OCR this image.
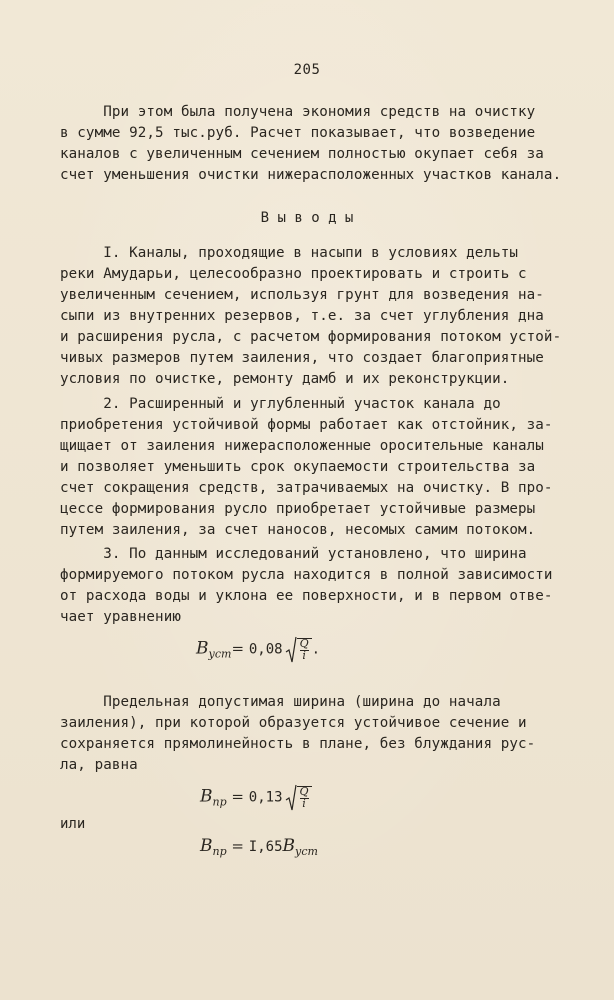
205
При этом была получена экономия средств на очистку
в сумме 92,5 тыс.руб. Расчет показывает, что возведение
каналов с увеличенным сечением полностью окупает себя за
счет уменьшения очистки нижерасположенных участков канала.
В ы в о д ы
I. Каналы, проходящие в насыпи в условиях дельты
реки Амударьи, целесообразно проектировать и строить с
увеличенным сечением, используя грунт для возведения на-
сыпи из внутренних резервов, т.е. за счет углубления дна
и расширения русла, с расчетом формирования потоком устой-
чивых размеров путем заиления, что создает благоприятные
условия по очистке, ремонту дамб и их реконструкции.
2. Расширенный и углубленный участок канала до
приобретения устойчивой формы работает как отстойник, за-
щищает от заиления нижерасположенные оросительные каналы
и позволяет уменьшить срок окупаемости строительства за
счет сокращения средств, затрачиваемых на очистку. В про-
цессе формирования русло приобретает устойчивые размеры
путем заиления, за счет наносов, несомых самим потоком.
3. По данным исследований установлено, что ширина
формируемого потоком русла находится в полной зависимости
от расхода воды и уклона ее поверхности, и в первом отве-
чает уравнению
$B_{уст}= 0,08 \frac{Q}{i}$.
Предельная допустимая ширина (ширина до начала
заиления), при которой образуется устойчивое сечение и
сохраняется прямолинейность в плане, без блуждания рус-
ла, равна
$B_{пр} = 0,13 \frac{Q}{i}$
или
$B_{пр} = I,65B_{уст}$
